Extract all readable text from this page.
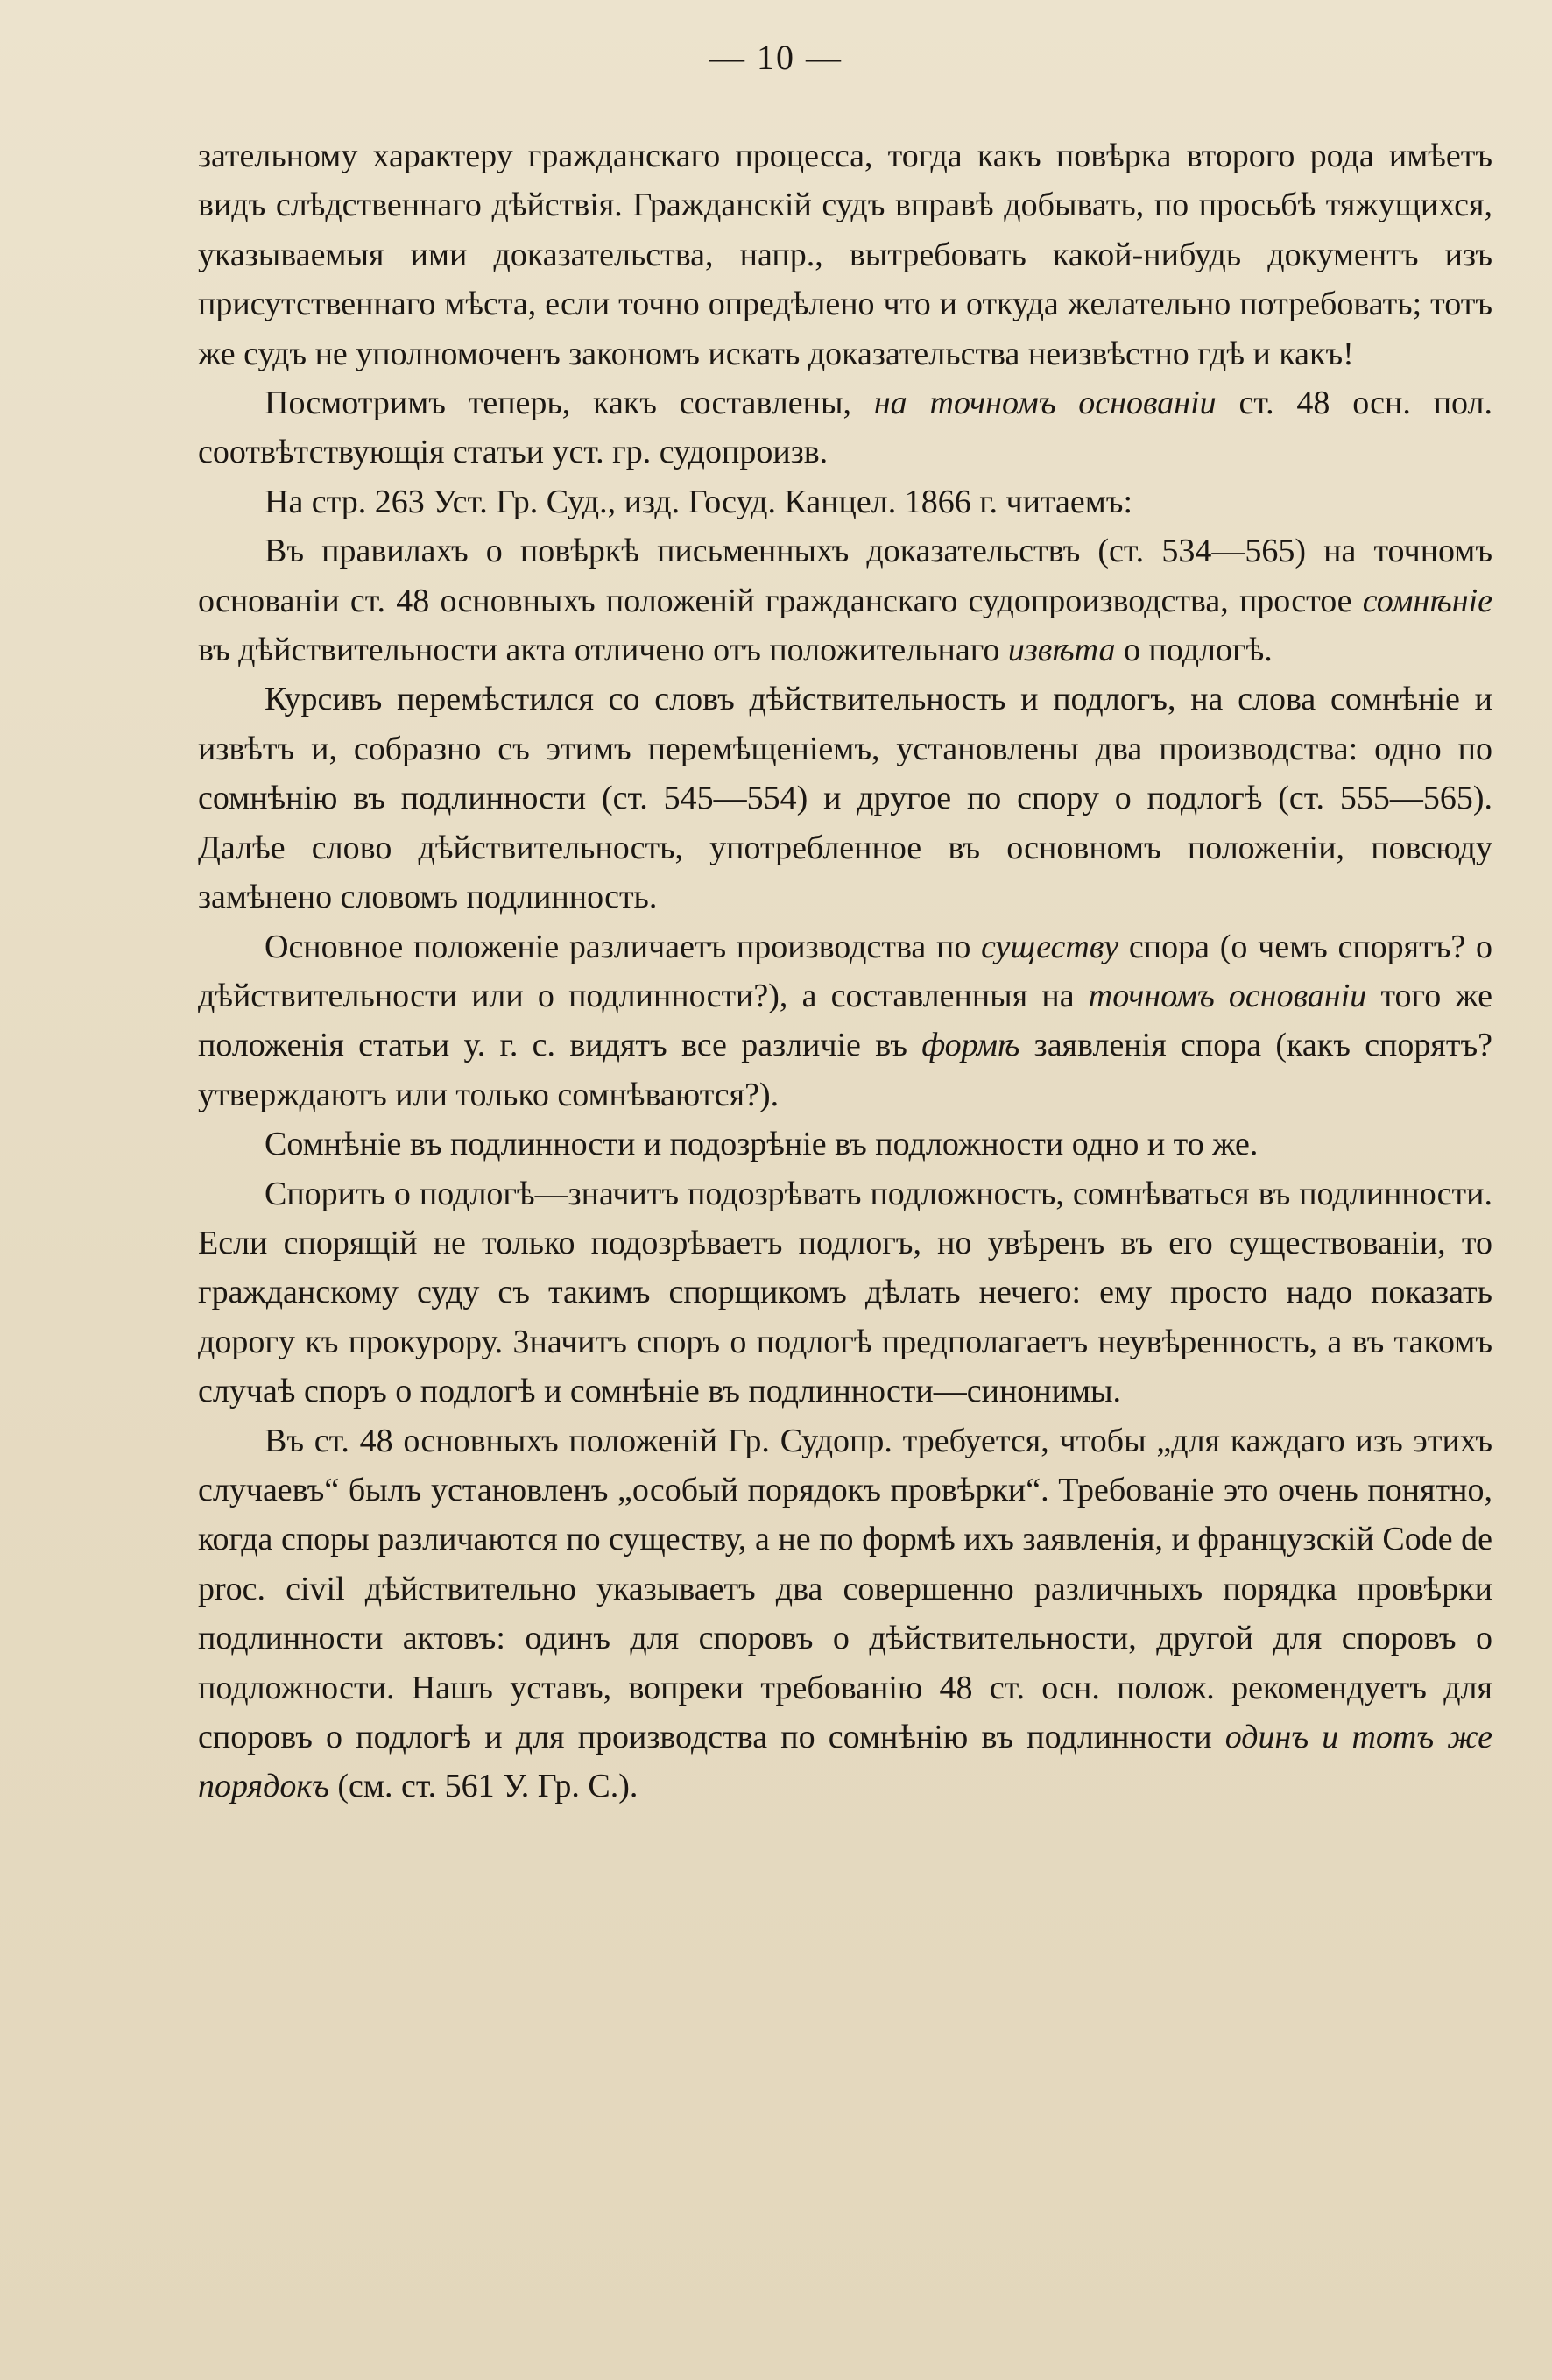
— 10 —

зательному характеру гражданскаго процесса, тогда какъ повѣрка второго рода имѣетъ видъ слѣдственнаго дѣйствія. Гражданскій судъ вправѣ добывать, по просьбѣ тяжущихся, указываемыя ими доказательства, напр., вытребовать какой-нибудь документъ изъ присутственнаго мѣста, если точно опредѣлено что и откуда желательно потребовать; тотъ же судъ не уполномоченъ закономъ искать доказательства неизвѣстно гдѣ и какъ!

Посмотримъ теперь, какъ составлены, на точномъ основаніи ст. 48 осн. пол. соотвѣтствующія статьи уст. гр. судопроизв.

На стр. 263 Уст. Гр. Суд., изд. Госуд. Канцел. 1866 г. читаемъ:

Въ правилахъ о повѣркѣ письменныхъ доказательствъ (ст. 534—565) на точномъ основаніи ст. 48 основныхъ положеній гражданскаго судопроизводства, простое сомнѣніе въ дѣйствительности акта отличено отъ положительнаго извѣта о подлогѣ.

Курсивъ перемѣстился со словъ дѣйствительность и подлогъ, на слова сомнѣніе и извѣтъ и, собразно съ этимъ перемѣщеніемъ, установлены два производства: одно по сомнѣнію въ подлинности (ст. 545—554) и другое по спору о подлогѣ (ст. 555—565). Далѣе слово дѣйствительность, употребленное въ основномъ положеніи, повсюду замѣнено словомъ подлинность.

Основное положеніе различаетъ производства по существу спора (о чемъ спорятъ? о дѣйствительности или о подлинности?), а составленныя на точномъ основаніи того же положенія статьи у. г. с. видятъ все различіе въ формѣ заявленія спора (какъ спорятъ? утверждаютъ или только сомнѣваются?).

Сомнѣніе въ подлинности и подозрѣніе въ подложности одно и то же.

Спорить о подлогѣ—значитъ подозрѣвать подложность, сомнѣваться въ подлинности. Если спорящій не только подозрѣваетъ подлогъ, но увѣренъ въ его существованіи, то гражданскому суду съ такимъ спорщикомъ дѣлать нечего: ему просто надо показать дорогу къ прокурору. Значитъ споръ о подлогѣ предполагаетъ неувѣренность, а въ такомъ случаѣ споръ о подлогѣ и сомнѣніе въ подлинности—синонимы.

Въ ст. 48 основныхъ положеній Гр. Судопр. требуется, чтобы „для каждаго изъ этихъ случаевъ“ былъ установленъ „особый порядокъ провѣрки“. Требованіе это очень понятно, когда споры различаются по существу, а не по формѣ ихъ заявленія, и французскій Code de proc. civil дѣйствительно указываетъ два совершенно различныхъ порядка провѣрки подлинности актовъ: одинъ для споровъ о дѣйствительности, другой для споровъ о подложности. Нашъ уставъ, вопреки требованію 48 ст. осн. полож. рекомендуетъ для споровъ о подлогѣ и для производства по сомнѣнію въ подлинности одинъ и тотъ же порядокъ (см. ст. 561 У. Гр. С.).
